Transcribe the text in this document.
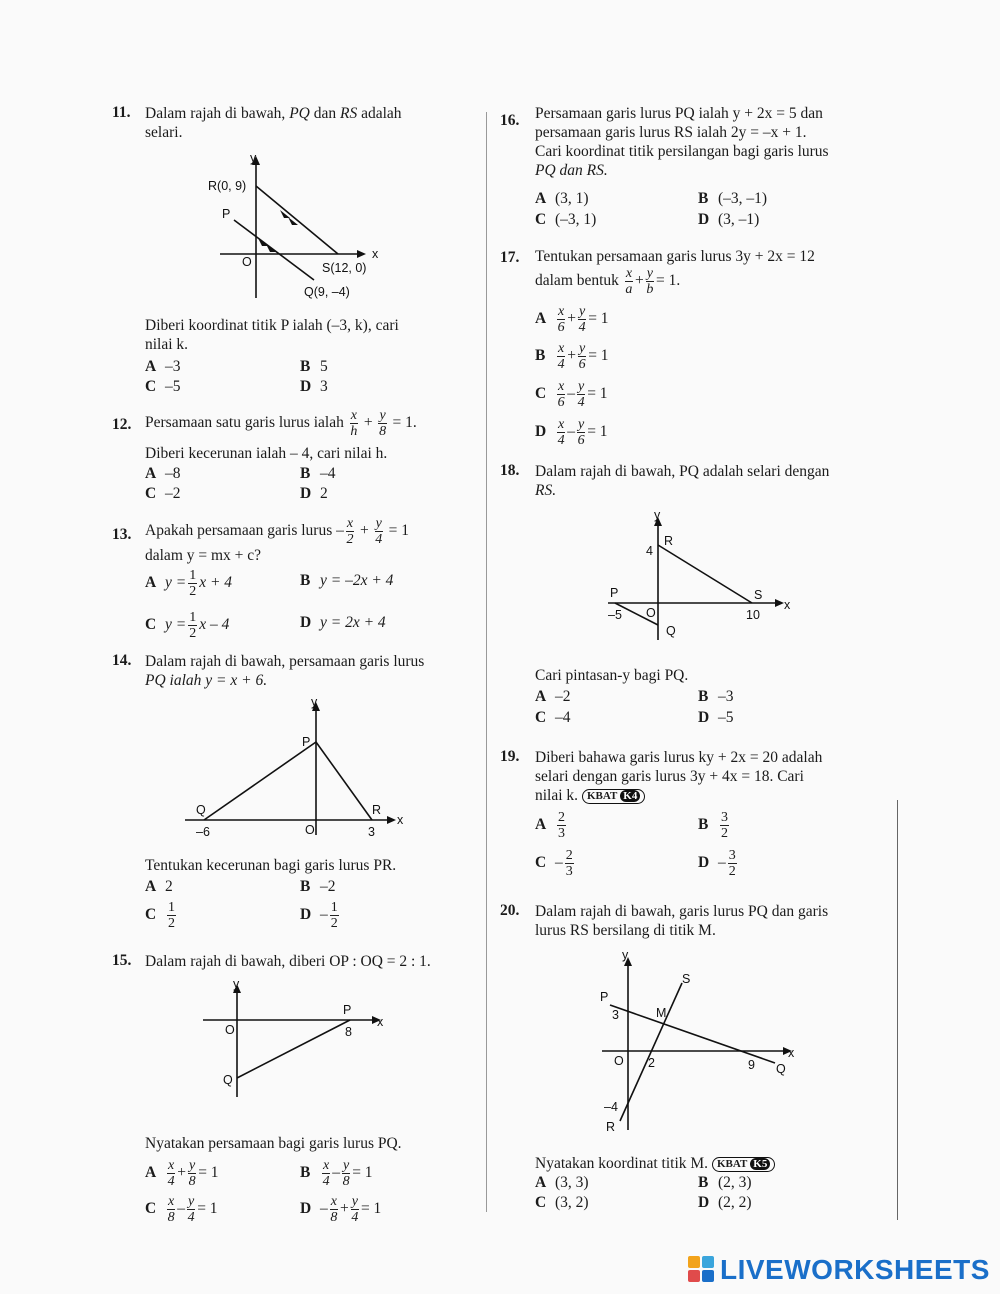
11. Dalam rajah di bawah, PQ dan RS adalah
selari.
y
x
R(0, 9)
P
O	S(12, 0)
Q(9, –4)
Diberi koordinat titik P ialah (–3, k), cari
nilai k.
A –3	B 5
C –5	D 3
12. Persamaan satu garis lurus ialah $\frac{x}{h} + \frac{y}{8} = 1$.
Diberi kecerunan ialah – 4, cari nilai h.
A –8	B –4
C –2	D 2
13. Apakah persamaan garis lurus – $\frac{x}{2} + \frac{y}{4} = 1$
dalam y = mx + c?
A $y = \frac{1}{2}$ x + 4	B y = –2x + 4
C $y = \frac{1}{2}$ x – 4	D y = 2x + 4
14. Dalam rajah di bawah, persamaan garis lurus
PQ ialah y = x + 6.
y
x
P
Q	R
O
–6	3
Tentukan kecerunan bagi garis lurus PR.
A 2	B –2
C $\frac{1}{2}$	D – $\frac{1}{2}$
15. Dalam rajah di bawah, diberi OP : OQ = 2 : 1.
y
x
P
O
Q
8
Nyatakan persamaan bagi garis lurus PQ.
A $\frac{x}{4} + \frac{y}{8} = 1$	B $\frac{x}{4} - \frac{y}{8} = 1$
C $\frac{x}{8} - \frac{y}{4} = 1$	$D - \frac{x}{8} + \frac{y}{4} = 1$
16. Persamaan garis lurus PQ ialah y + 2x = 5 dan
persamaan garis lurus RS ialah 2y = –x + 1.
Cari koordinat titik persilangan bagi garis lurus
PQ dan RS.
A (3, 1)	B (–3, –1)
C (–3, 1)	D (3, –1)
17. Tentukan persamaan garis lurus 3y + 2x = 12
dalam bentuk $\frac{x}{a} + \frac{y}{b} = 1$.
A $\frac{x}{6} + \frac{y}{4} = 1$
B $\frac{x}{4} + \frac{y}{6} = 1$
C $\frac{x}{6} - \frac{y}{4} = 1$
D $\frac{x}{4} - \frac{y}{6} = 1$
18. Dalam rajah di bawah, PQ adalah selari dengan
RS.
y
x
R
4
P	S
–5 O	10
Q
Cari pintasan-y bagi PQ.
A –2	B –3
C –4	D –5
19. Diberi bahawa garis lurus ky + 2x = 20 adalah
selari dengan garis lurus 3y + 4x = 18. Cari
nilai k. KBAT K4
A $\frac{2}{3}$	B $\frac{3}{2}$
C – $\frac{2}{3}$	D – $\frac{3}{2}$
20. Dalam rajah di bawah, garis lurus PQ dan garis
lurus RS bersilang di titik M.
y
x
S
P
M
3
O 2	9 Q
–4
R
Nyatakan koordinat titik M. KBAT K5
A (3, 3)	B (2, 3)
C (3, 2)	D (2, 2)
LIVEWORKSHEETS
